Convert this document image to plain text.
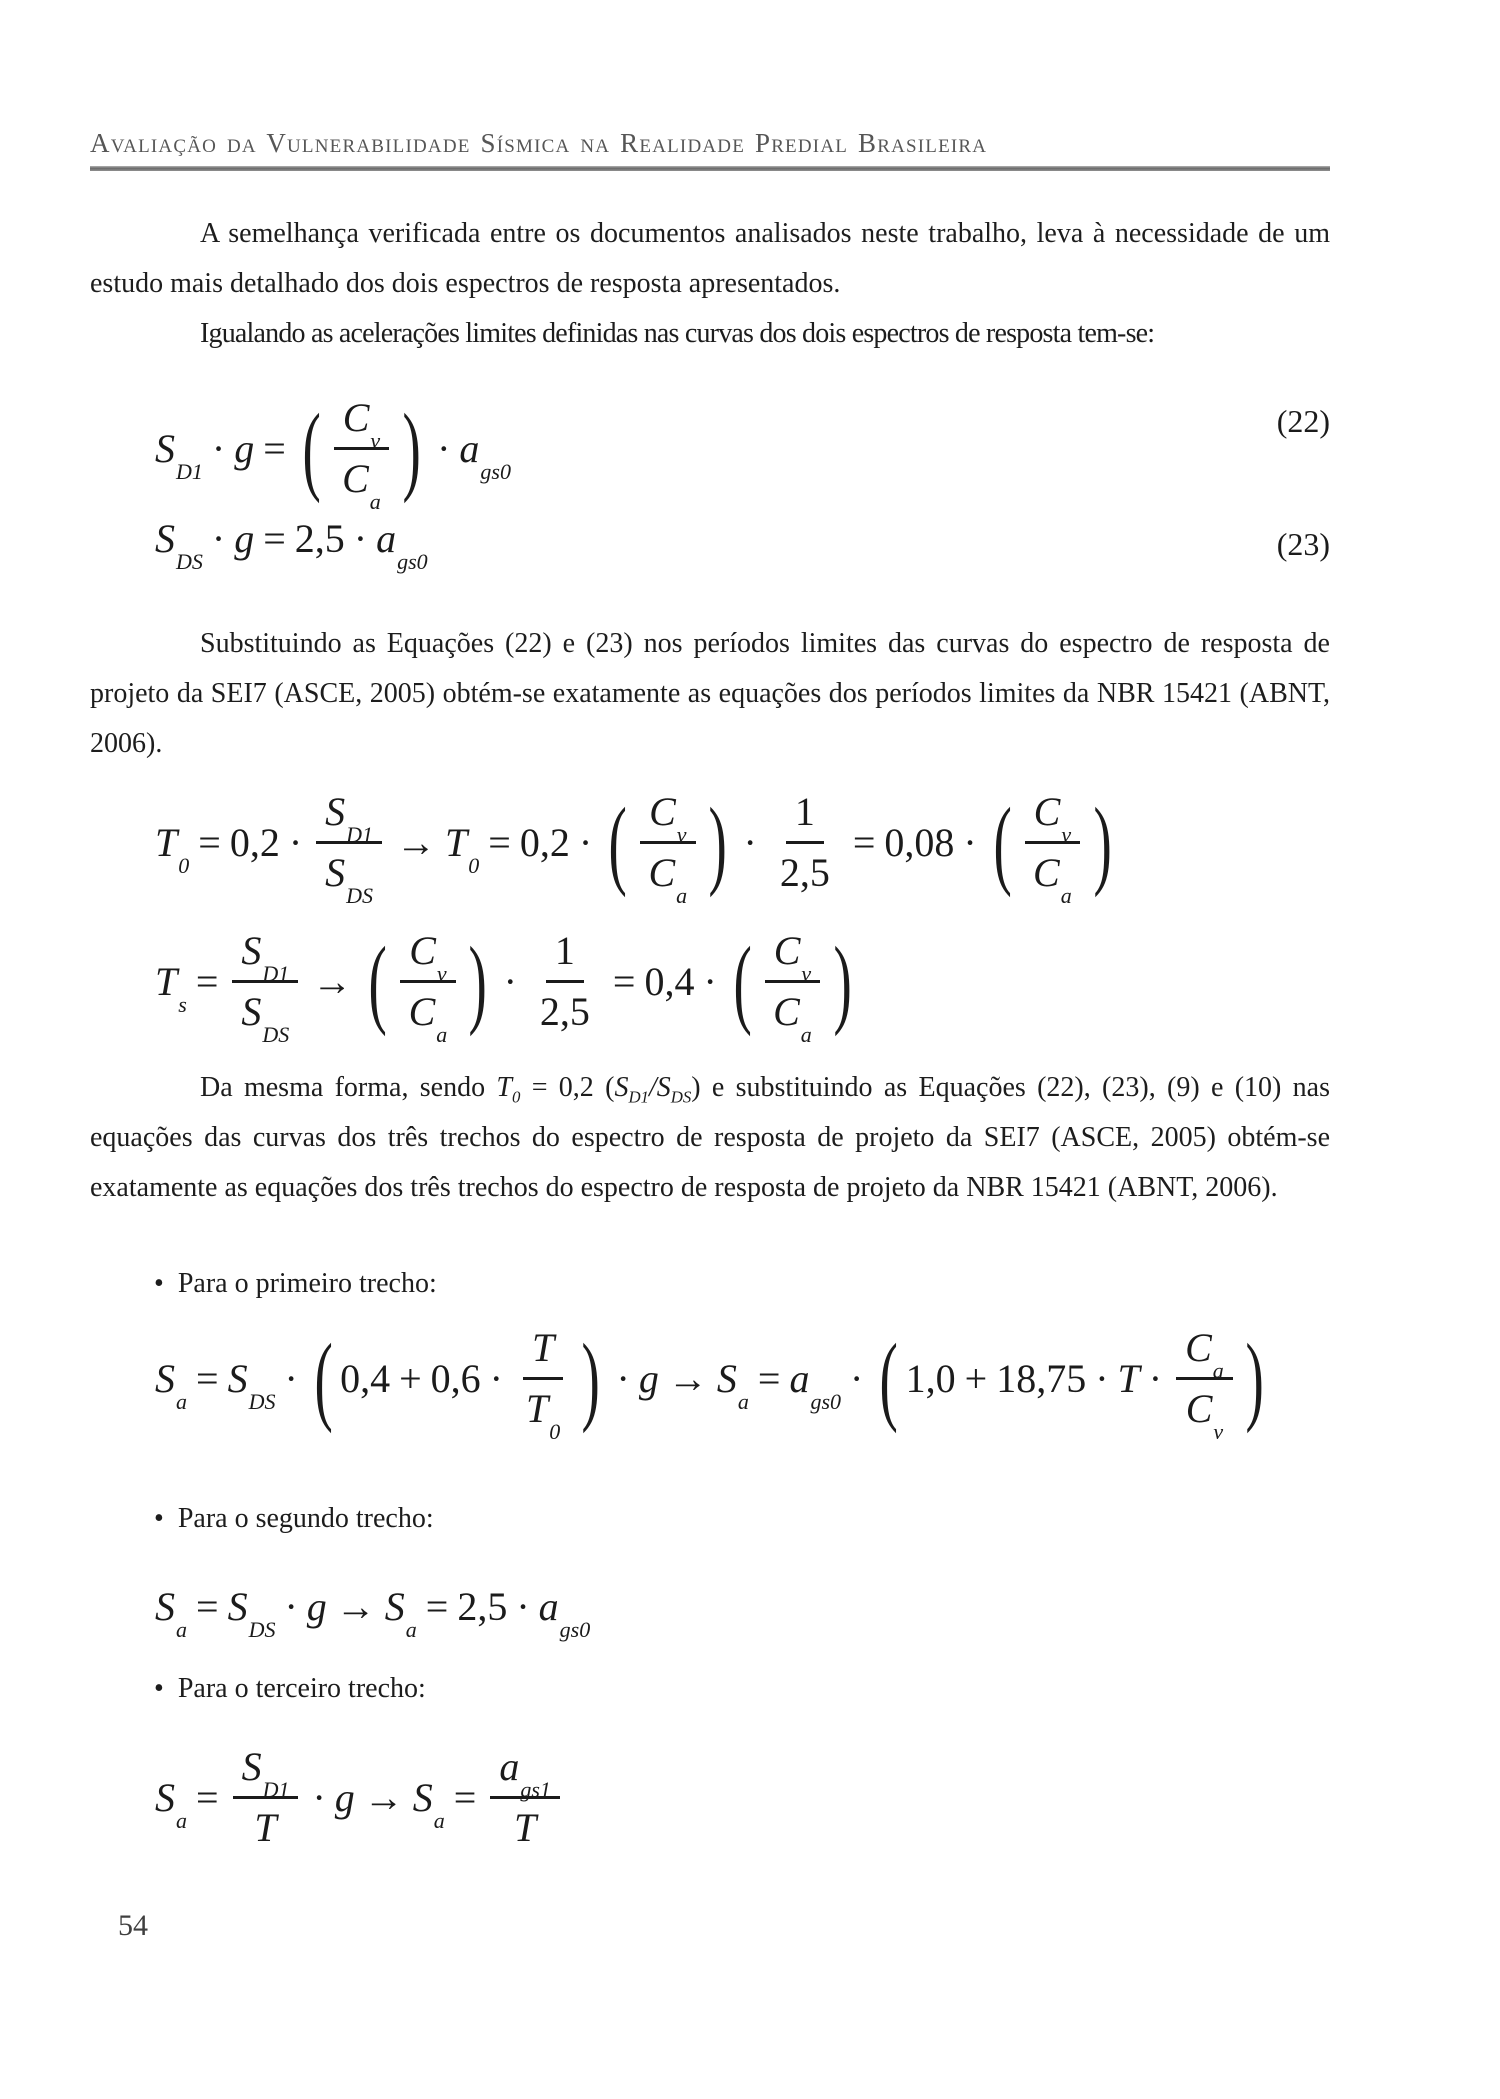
Avaliação da Vulnerabilidade Sísmica na Realidade Predial Brasileira

A semelhança verificada entre os documentos analisados neste trabalho, leva à necessidade de um estudo mais detalhado dos dois espectros de resposta apresentados.

Igualando as acelerações limites definidas nas curvas dos dois espectros de resposta tem-se:

$S_{D1}$
· g = ( $\frac{C_v}{C_a}$ ) · $a_{gs0}$
(22)
$S_{DS}$
· $g = 2,5 \cdot a_{gs0}$	(23)

Substituindo as Equações (22) e (23) nos períodos limites das curvas do espectro de resposta de projeto da SEI7 (ASCE, 2005) obtém-se exatamente as equações dos períodos limites da NBR 15421 (ABNT, 2006).

$T_0$
= $0,2 \cdot \frac{S_{D1}}{S_{DS}} \to T_0$
= 0,2 · ( $\frac{C_v}{C_a}$ ) · $\frac{1}{2,5} = 0,08$ · ( $\frac{C_v}{C_a}$ )
$T_s$
= $\frac{S_{D1}}{S_{DS}}$ → ( $\frac{C_v}{C_a}$ ) · $\frac{1}{2,5} = 0,4$ · ( $\frac{C_v}{C_a}$ )

Da mesma forma, sendo $T_0 = 0,2$ $(S_{D1}/S_{DS})$ e substituindo as Equações (22), (23), (9) e (10) nas equações das curvas dos três trechos do espectro de resposta de projeto da SEI7 (ASCE, 2005) obtém-se exatamente as equações dos três trechos do espectro de resposta de projeto da NBR 15421 (ABNT, 2006).

• Para o primeiro trecho:
$S_a$
= $S_{DS}$
· ( $0,4 + 0,6 \cdot \frac{T}{T_0}$ ) · $g \to S_a$
= $a_{gs0}$
· ( $1,0 + 18,75 \cdot T \cdot \frac{C_a}{C_v}$ )
• Para o segundo trecho:
$S_a$
= $S_{DS}$
· $g \to S_a$
= $2,5 \cdot a_{gs0}$
• Para o terceiro trecho:
$S_a$
= $\frac{S_{D1}}{T} \cdot g \to S_a$
= $\frac{a_{gs1}}{T}$
54
